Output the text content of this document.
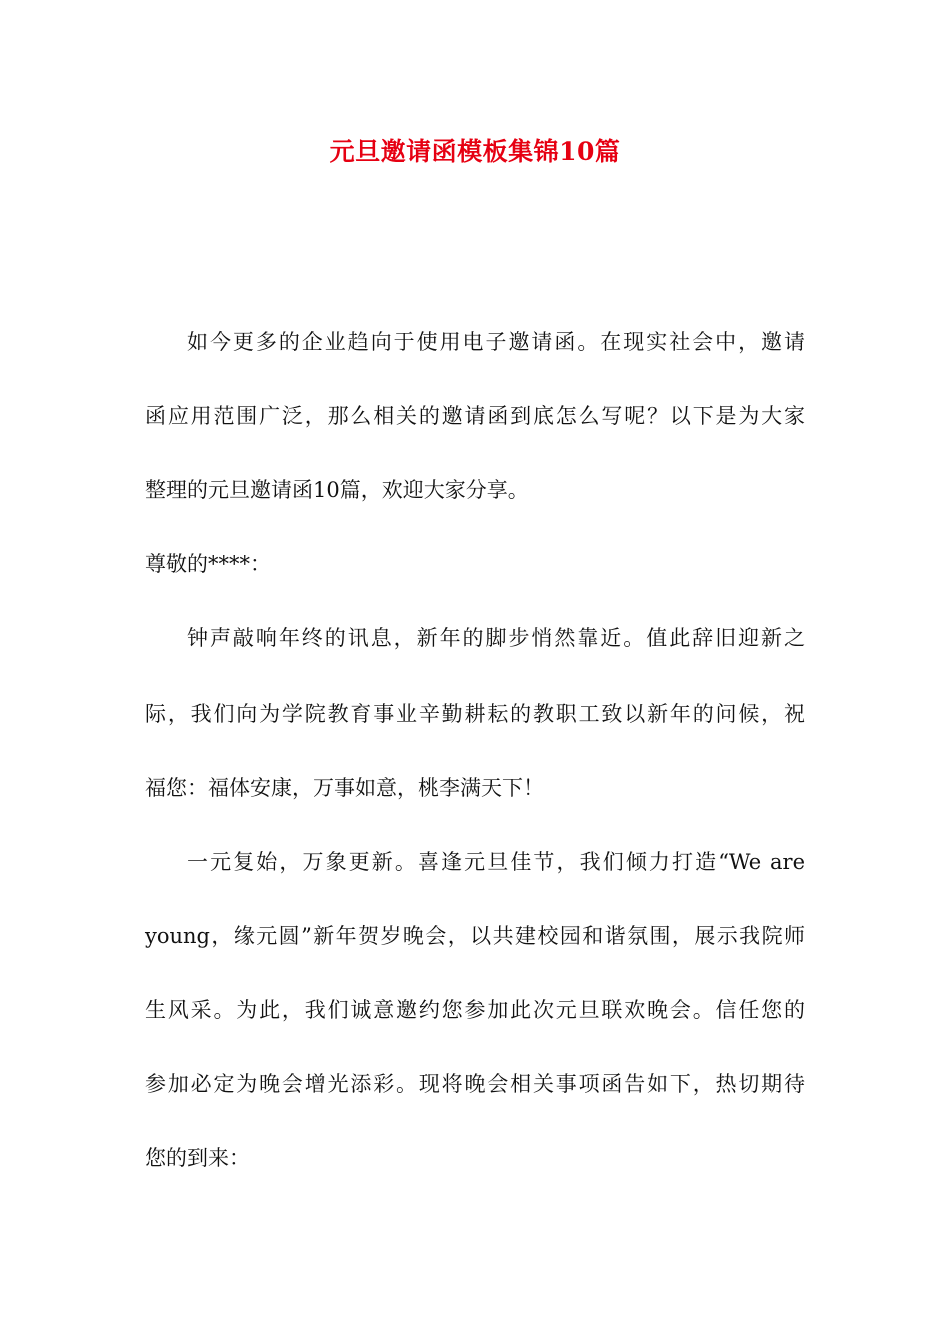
元旦邀请函模板集锦10篇
如今更多的企业趋向于使用电子邀请函。在现实社会中，邀请
函应用范围广泛，那么相关的邀请函到底怎么写呢？以下是为大家
整理的元旦邀请函10篇，欢迎大家分享。
尊敬的****：
钟声敲响年终的讯息，新年的脚步悄然靠近。值此辞旧迎新之
际，我们向为学院教育事业辛勤耕耘的教职工致以新年的问候，祝
福您：福体安康，万事如意，桃李满天下！
一元复始，万象更新。喜逢元旦佳节，我们倾力打造“We are
young，缘元圆”新年贺岁晚会，以共建校园和谐氛围，展示我院师
生风采。为此，我们诚意邀约您参加此次元旦联欢晚会。信任您的
参加必定为晚会增光添彩。现将晚会相关事项函告如下，热切期待
您的到来：
